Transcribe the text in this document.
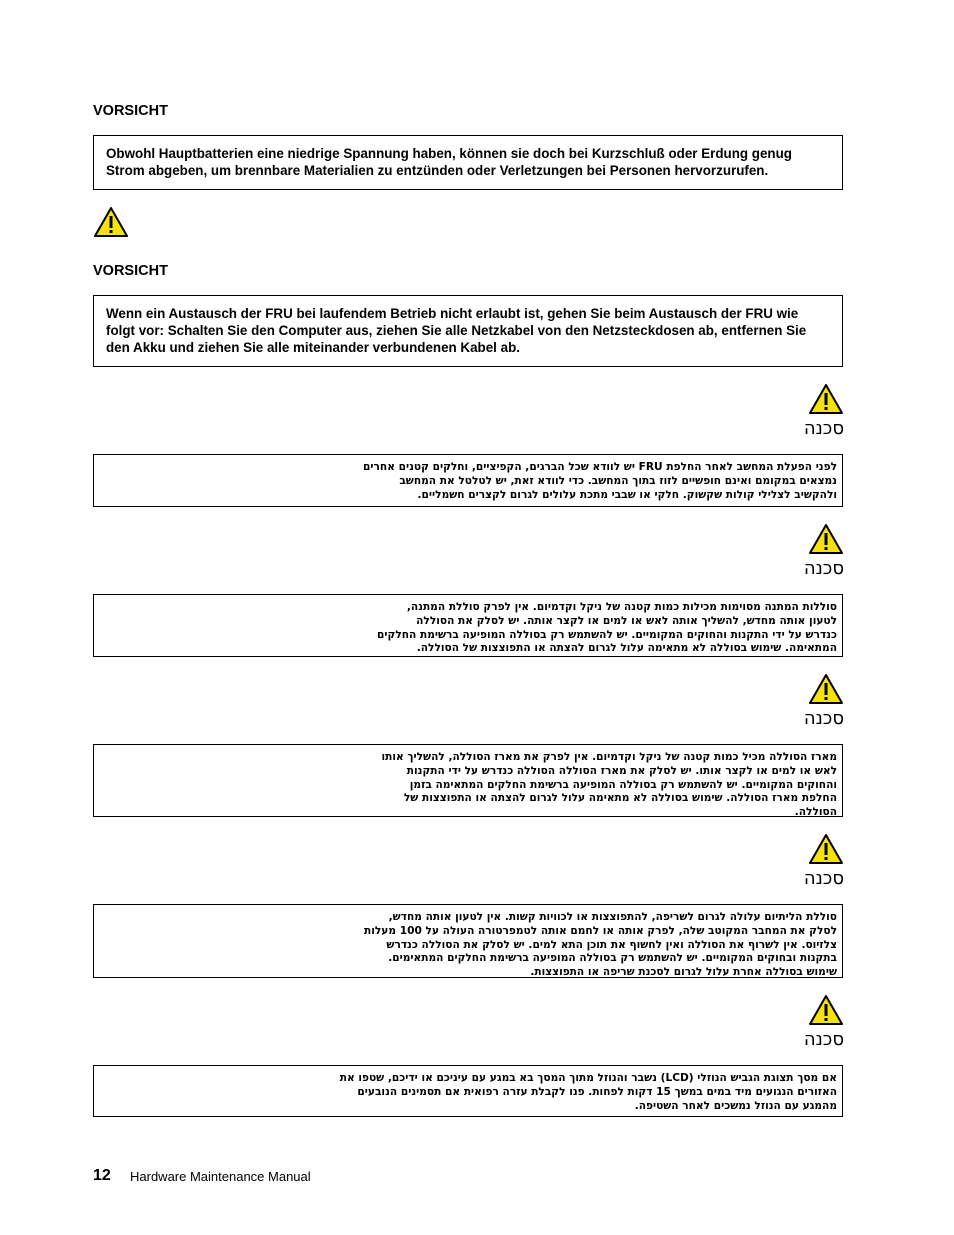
VORSICHT
Obwohl Hauptbatterien eine niedrige Spannung haben, können sie doch bei Kurzschluß oder Erdung genug Strom abgeben, um brennbare Materialien zu entzünden oder Verletzungen bei Personen hervorzurufen.
VORSICHT
Wenn ein Austausch der FRU bei laufendem Betrieb nicht erlaubt ist, gehen Sie beim Austausch der FRU wie folgt vor: Schalten Sie den Computer aus, ziehen Sie alle Netzkabel von den Netzsteckdosen ab, entfernen Sie den Akku und ziehen Sie alle miteinander verbundenen Kabel ab.
סכנה
לפני הפעלת המחשב לאחר החלפת FRU יש לוודא שכל הברגים, הקפיציים, וחלקים קטנים אחרים
נמצאים במקומם ואינם חופשיים לזוז בתוך המחשב. כדי לוודא זאת, יש לטלטל את המחשב
ולהקשיב לצלילי קולות שקשוק. חלקי או שבבי מתכת עלולים לגרום לקצרים חשמליים.
סכנה
סוללות המתנה מסוימות מכילות כמות קטנה של ניקל וקדמיום. אין לפרק סוללת המתנה,
לטעון אותה מחדש, להשליך אותה לאש או למים או לקצר אותה. יש לסלק את הסוללה
כנדרש על ידי התקנות והחוקים המקומיים. יש להשתמש רק בסוללה המופיעה ברשימת החלקים
המתאימה. שימוש בסוללה לא מתאימה עלול לגרום להצתה או התפוצצות של הסוללה.
סכנה
מארז הסוללה מכיל כמות קטנה של ניקל וקדמיום. אין לפרק את מארז הסוללה, להשליך אותו
לאש או למים או לקצר אותו. יש לסלק את מארז הסוללה הסוללה כנדרש על ידי התקנות
והחוקים המקומיים. יש להשתמש רק בסוללה המופיעה ברשימת החלקים המתאימה בזמן
החלפת מארז הסוללה. שימוש בסוללה לא מתאימה עלול לגרום להצתה או התפוצצות של
הסוללה.
סכנה
סוללת הליתיום עלולה לגרום לשריפה, להתפוצצות או לכוויות קשות. אין לטעון אותה מחדש,
לסלק את המחבר המקוטב שלה, לפרק אותה או לחמם אותה לטמפרטורה העולה על 100 מעלות
צלזיוס. אין לשרוף את הסוללה ואין לחשוף את תוכן התא למים. יש לסלק את הסוללה כנדרש
בתקנות ובחוקים המקומיים. יש להשתמש רק בסוללה המופיעה ברשימת החלקים המתאימים.
שימוש בסוללה אחרת עלול לגרום לסכנת שריפה או התפוצצות.
סכנה
אם מסך תצוגת הגביש הנוזלי (LCD) נשבר והנוזל מתוך המסך בא במגע עם עיניכם או ידיכם, שטפו את
האזורים הנגועים מיד במים במשך 15 דקות לפחות. פנו לקבלת עזרה רפואית אם תסמינים הנובעים
מהמגע עם הנוזל נמשכים לאחר השטיפה.
12 Hardware Maintenance Manual
